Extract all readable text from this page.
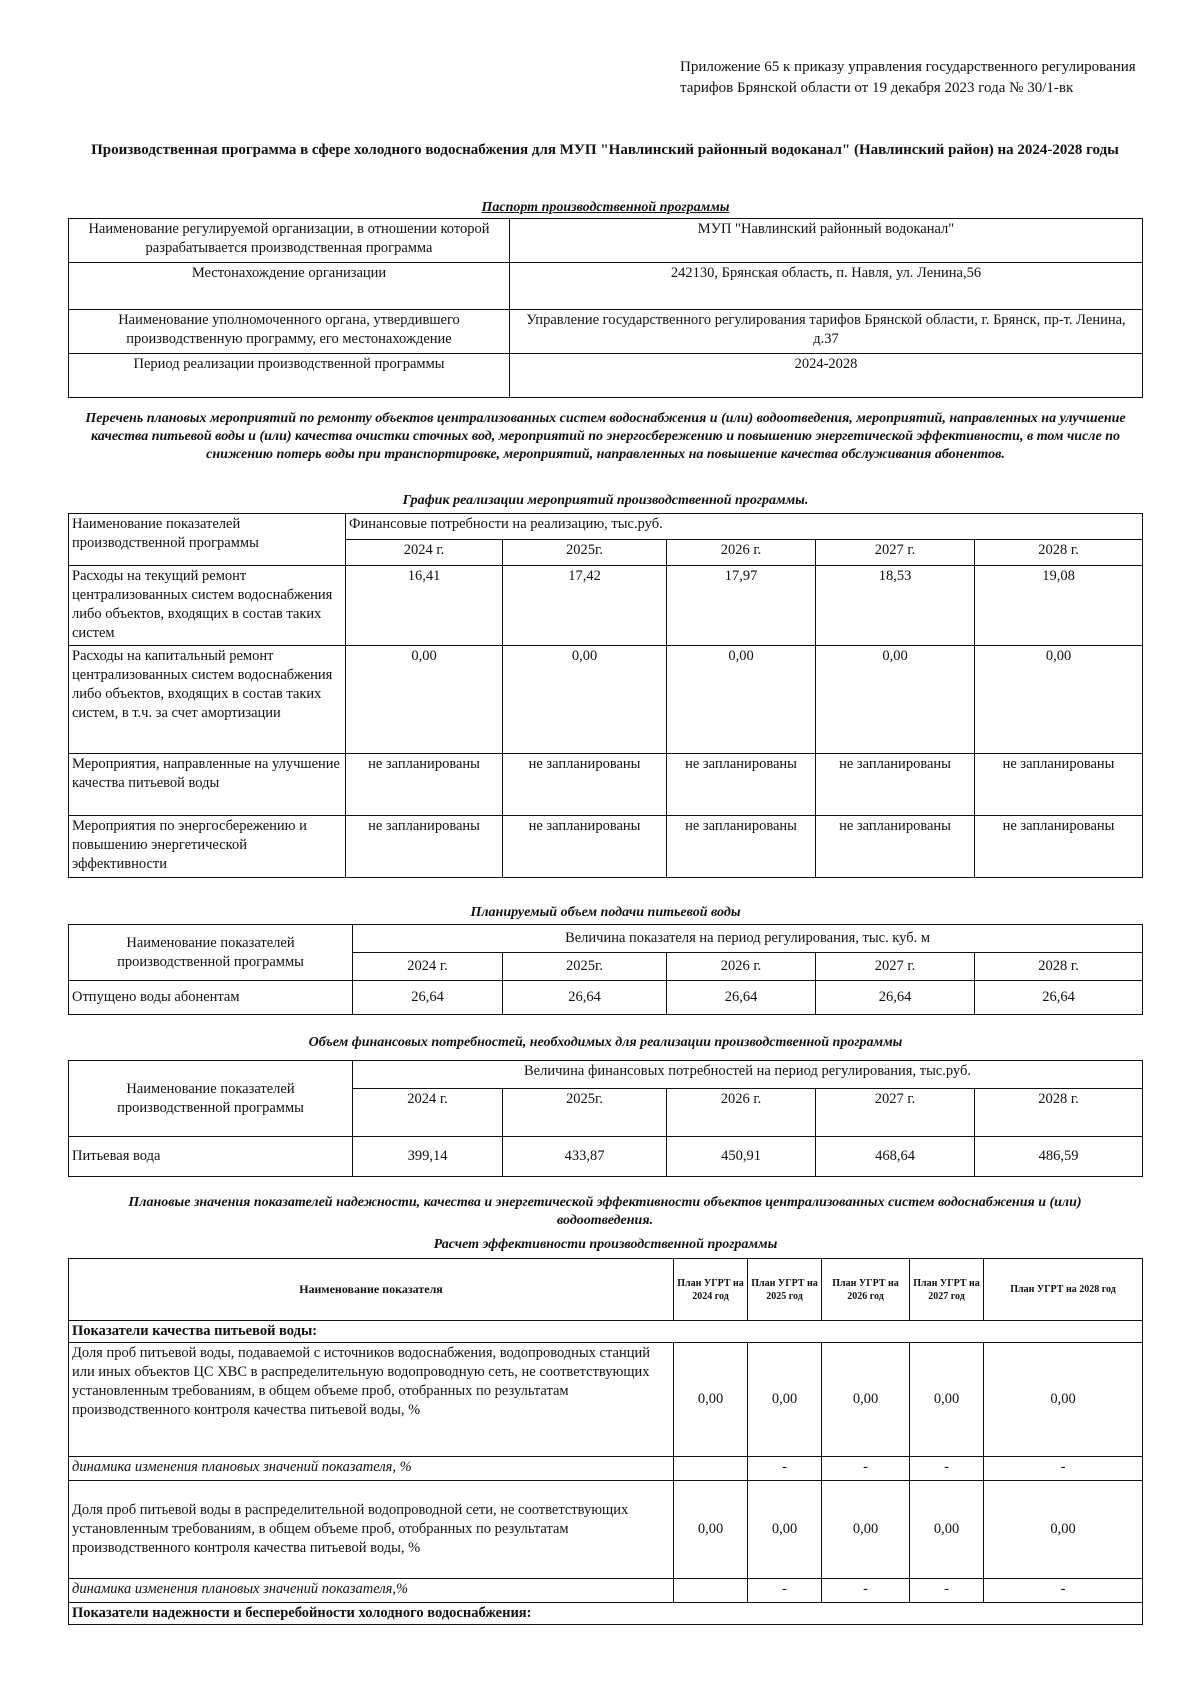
Приложение 65 к приказу управления государственного регулирования тарифов Брянской области от 19 декабря 2023 года № 30/1-вк
Производственная программа в сфере холодного водоснабжения для МУП "Навлинский районный водоканал" (Навлинский район) на 2024-2028 годы
Паспорт производственной программы
Наименование регулируемой организации, в отношении которой разрабатывается производственная программа	МУП "Навлинский районный водоканал"
Местонахождение организации	242130, Брянская область, п. Навля, ул. Ленина,56
Наименование уполномоченного органа, утвердившего производственную программу, его местонахождение	Управление государственного регулирования тарифов Брянской области, г. Брянск, пр-т. Ленина, д.37
Период реализации производственной программы	2024-2028
Перечень плановых мероприятий по ремонту объектов централизованных систем водоснабжения и (или) водоотведения, мероприятий, направленных на улучшение качества питьевой воды и (или) качества очистки сточных вод, мероприятий по энергосбережению и повышению энергетической эффективности, в том числе по снижению потерь воды при транспортировке, мероприятий, направленных на повышение качества обслуживания абонентов.
График реализации мероприятий производственной программы.
Наименование показателей производственной программы	Финансовые потребности на реализацию, тыс.руб.				
	2024 г.	2025г.	2026 г.	2027 г.	2028 г.
Расходы на текущий ремонт централизованных систем водоснабжения либо объектов, входящих в состав таких систем	16,41	17,42	17,97	18,53	19,08
Расходы на капитальный ремонт централизованных систем водоснабжения либо объектов, входящих в состав таких систем, в т.ч. за счет амортизации	0,00	0,00	0,00	0,00	0,00
Мероприятия, направленные на улучшение качества питьевой воды	не запланированы	не запланированы	не запланированы	не запланированы	не запланированы
Мероприятия по энергосбережению и повышению энергетической эффективности	не запланированы	не запланированы	не запланированы	не запланированы	не запланированы
Планируемый объем подачи питьевой воды
Наименование показателей производственной программы	Величина показателя на период регулирования, тыс. куб. м				
	2024 г.	2025г.	2026 г.	2027 г.	2028 г.
Отпущено воды абонентам	26,64	26,64	26,64	26,64	26,64
Объем финансовых потребностей, необходимых для реализации производственной программы
Наименование показателей производственной программы	Величина финансовых потребностей на период регулирования, тыс.руб.				
	2024 г.	2025г.	2026 г.	2027 г.	2028 г.
Питьевая вода	399,14	433,87	450,91	468,64	486,59
Плановые значения показателей надежности, качества и энергетической эффективности объектов централизованных систем водоснабжения и (или) водоотведения.
Расчет эффективности производственной программы
Наименование показателя	План УГРТ на 2024 год	План УГРТ на 2025 год	План УГРТ на 2026 год	План УГРТ на 2027 год	План УГРТ на 2028 год
Показатели качества питьевой воды:					
Доля проб питьевой воды, подаваемой с источников водоснабжения, водопроводных станций или иных объектов ЦС ХВС в распределительную водопроводную сеть, не соответствующих установленным требованиям, в общем объеме проб, отобранных по результатам производственного контроля качества питьевой воды, %	0,00	0,00	0,00	0,00	0,00
динамика изменения плановых значений показателя, %		-	-	-	-
Доля проб питьевой воды в распределительной водопроводной сети, не соответствующих установленным требованиям, в общем объеме проб, отобранных по результатам производственного контроля качества питьевой воды, %	0,00	0,00	0,00	0,00	0,00
динамика изменения плановых значений показателя,%		-	-	-	-
Показатели надежности и бесперебойности холодного водоснабжения:					
